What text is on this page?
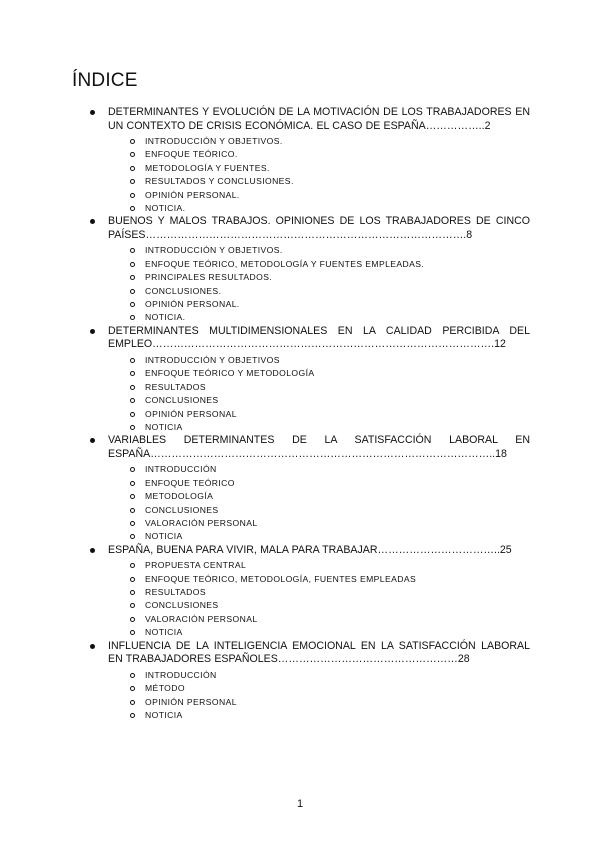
ÍNDICE
DETERMINANTES Y EVOLUCIÓN DE LA MOTIVACIÓN DE LOS TRABAJADORES EN UN CONTEXTO DE CRISIS ECONÓMICA. EL CASO DE ESPAÑA……………..2
INTRODUCCIÓN Y OBJETIVOS.
ENFOQUE TEÓRICO.
METODOLOGÍA Y FUENTES.
RESULTADOS Y CONCLUSIONES.
OPINIÓN PERSONAL.
NOTICIA.
BUENOS Y MALOS TRABAJOS. OPINIONES DE LOS TRABAJADORES DE CINCO PAÍSES……………………………………………………………………………….8
INTRODUCCIÓN Y OBJETIVOS.
ENFOQUE TEÓRICO, METODOLOGÍA Y FUENTES EMPLEADAS.
PRINCIPALES RESULTADOS.
CONCLUSIONES.
OPINIÓN PERSONAL.
NOTICIA.
DETERMINANTES MULTIDIMENSIONALES EN LA CALIDAD PERCIBIDA DEL EMPLEO…………………………………………………………………………………….12
INTRODUCCIÓN Y OBJETIVOS
ENFOQUE TEÓRICO Y METODOLOGÍA
RESULTADOS
CONCLUSIONES
OPINIÓN PERSONAL
NOTICIA
VARIABLES DETERMINANTES DE LA SATISFACCIÓN LABORAL EN ESPAÑA……………………………………………………………………………………..18
INTRODUCCIÓN
ENFOQUE TEÓRICO
METODOLOGÍA
CONCLUSIONES
VALORACIÓN PERSONAL
NOTICIA
ESPAÑA, BUENA PARA VIVIR, MALA PARA TRABAJAR……………………………..25
PROPUESTA CENTRAL
ENFOQUE TEÓRICO, METODOLOGÍA, FUENTES EMPLEADAS
RESULTADOS
CONCLUSIONES
VALORACIÓN PERSONAL
NOTICIA
INFLUENCIA DE LA INTELIGENCIA EMOCIONAL EN LA SATISFACCIÓN LABORAL EN TRABAJADORES ESPAÑOLES……………………………………………28
INTRODUCCIÓN
MÉTODO
OPINIÓN PERSONAL
NOTICIA
1
